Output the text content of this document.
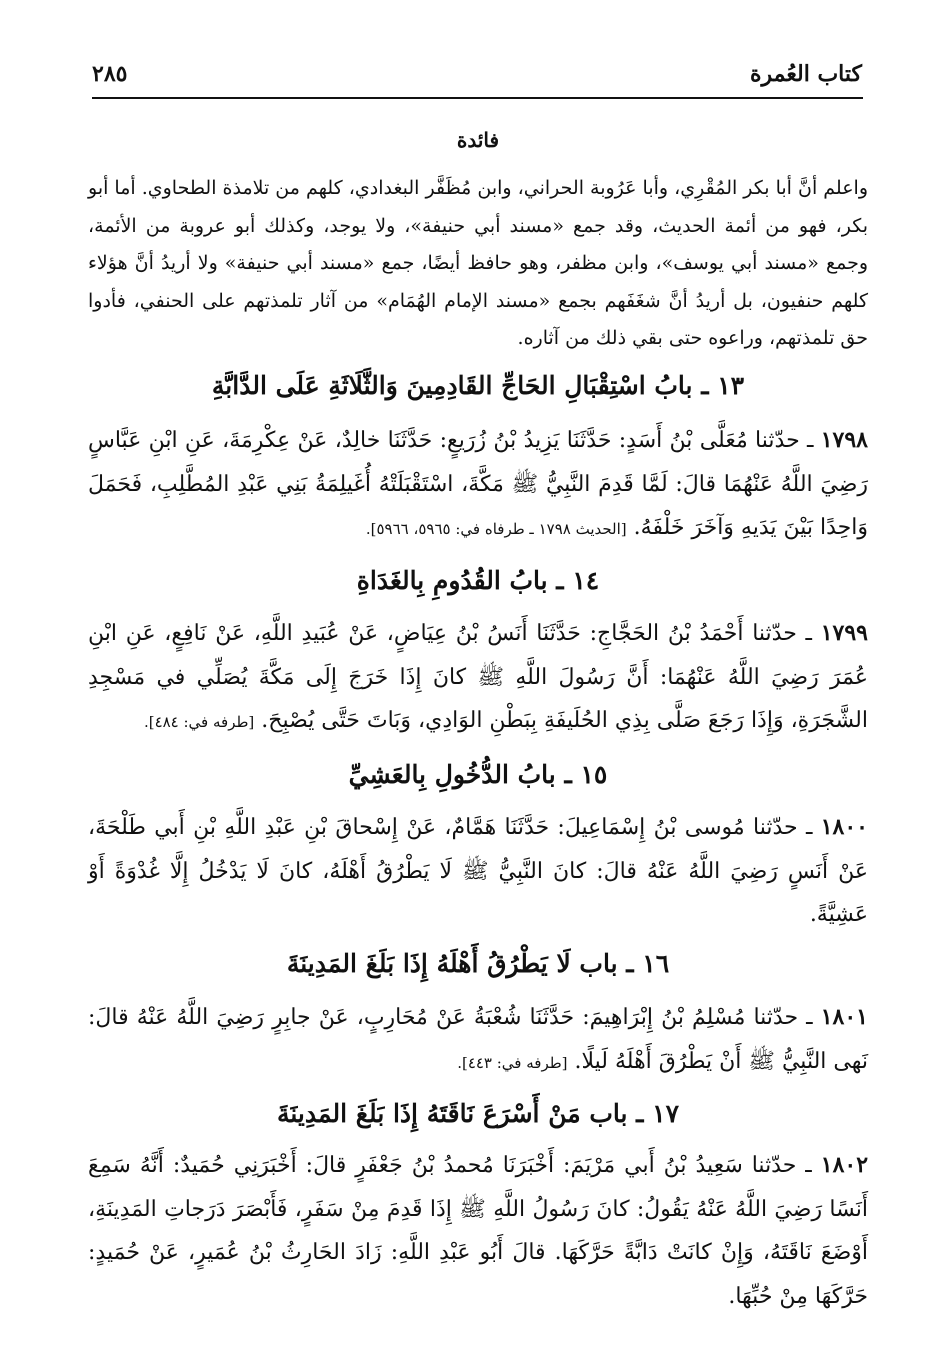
كتاب العُمرة
٢٨٥
فائدة
واعلم أنَّ أبا بكر المُقْرِي، وأبا عَرُوبة الحراني، وابن مُظَفَّر البغدادي، كلهم من تلامذة الطحاوي. أما أبو بكر، فهو من أئمة الحديث، وقد جمع «مسند أبي حنيفة»، ولا يوجد، وكذلك أبو عروبة من الأئمة، وجمع «مسند أبي يوسف»، وابن مظفر، وهو حافظ أيضًا، جمع «مسند أبي حنيفة» ولا أريدُ أنَّ هؤلاء كلهم حنفيون، بل أريدُ أنَّ شغَفَهم بجمع «مسند الإمام الهُمَام» من آثار تلمذتهم على الحنفي، فأدوا حق تلمذتهم، وراعوه حتى بقي ذلك من آثاره.
١٣ ـ بابُ اسْتِقْبَالِ الحَاجِّ القَادِمِينَ وَالثَّلَاثَةِ عَلَى الدَّابَّةِ
١٧٩٨ ـ حدّثنا مُعَلَّى بْنُ أَسَدٍ: حَدَّثَنَا يَزِيدُ بْنُ زُرَيعٍ: حَدَّثَنَا خالِدٌ، عَنْ عِكْرِمَةَ، عَنِ ابْنِ عَبَّاسٍ رَضِيَ اللَّهُ عَنْهُمَا قالَ: لَمَّا قَدِمَ النَّبِيُّ ﷺ مَكَّةَ، اسْتَقْبَلَتْهُ أُغَيلِمَةُ بَنِي عَبْدِ المُطَّلِبِ، فَحَمَلَ وَاحِدًا بَيْنَ يَدَيهِ وَآخَرَ خَلْفَهُ. [الحديث ١٧٩٨ ـ طرفاه في: ٥٩٦٥، ٥٩٦٦].
١٤ ـ بابُ القُدُومِ بِالغَدَاةِ
١٧٩٩ ـ حدّثنا أَحْمَدُ بْنُ الحَجَّاجِ: حَدَّثَنَا أَنَسُ بْنُ عِيَاضٍ، عَنْ عُبَيدِ اللَّهِ، عَنْ نَافِعٍ، عَنِ ابْنِ عُمَرَ رَضِيَ اللَّهُ عَنْهُمَا: أَنَّ رَسُولَ اللَّهِ ﷺ كانَ إِذَا خَرَجَ إِلَى مَكَّةَ يُصَلِّي في مَسْجِدِ الشَّجَرَةِ، وَإِذَا رَجَعَ صَلَّى بِذِي الحُلَيفَةِ بِبَطْنِ الوَادِي، وَبَاتَ حَتَّى يُصْبِحَ. [طرفه في: ٤٨٤].
١٥ ـ بابُ الدُّخُولِ بِالعَشِيِّ
١٨٠٠ ـ حدّثنا مُوسى بْنُ إِسْمَاعِيلَ: حَدَّثَنَا هَمَّامٌ، عَنْ إِسْحاقَ بْنِ عَبْدِ اللَّهِ بْنِ أَبي طَلْحَةَ، عَنْ أَنَسٍ رَضِيَ اللَّهُ عَنْهُ قالَ: كانَ النَّبِيُّ ﷺ لَا يَطْرُقُ أَهْلَهُ، كانَ لَا يَدْخُلُ إِلَّا غُدْوَةً أَوْ عَشِيَّةً.
١٦ ـ باب لَا يَطْرُقُ أَهْلَهُ إِذَا بَلَغَ المَدِينَةَ
١٨٠١ ـ حدّثنا مُسْلِمُ بْنُ إِبْرَاهِيمَ: حَدَّثَنَا شُعْبَةُ عَنْ مُحَارِبٍ، عَنْ جابِرٍ رَضِيَ اللَّهُ عَنْهُ قالَ: نَهى النَّبِيُّ ﷺ أَنْ يَطْرُقَ أَهْلَهُ لَيلًا. [طرفه في: ٤٤٣].
١٧ ـ باب مَنْ أَسْرَعَ نَاقَتَهُ إِذَا بَلَغَ المَدِينَةَ
١٨٠٢ ـ حدّثنا سَعِيدُ بْنُ أَبي مَرْيَمَ: أَخْبَرَنَا مُحمدُ بْنُ جَعْفَرٍ قالَ: أَخْبَرَنِي حُمَيدٌ: أَنَّهُ سَمِعَ أَنَسًا رَضِيَ اللَّهُ عَنْهُ يَقُولُ: كانَ رَسُولُ اللَّهِ ﷺ إِذَا قَدِمَ مِنْ سَفَرٍ، فَأَبْصَرَ دَرَجاتِ المَدِينَةِ، أَوْضَعَ نَاقَتَهُ، وَإِنْ كانَتْ دَابَّةً حَرَّكَهَا. قالَ أَبُو عَبْدِ اللَّهِ: زَادَ الحَارِثُ بْنُ عُمَيرٍ، عَنْ حُمَيدٍ: حَرَّكَهَا مِنْ حُبِّهَا.
